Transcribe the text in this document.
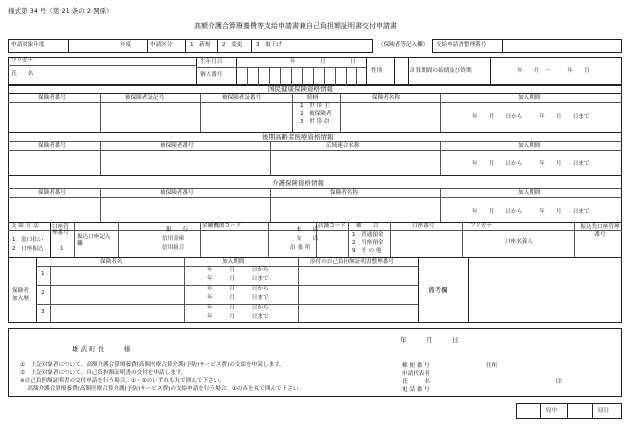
様式第 34 号（第 21 条の 2 関係）
高額介護合算療養費等支給申請書兼自己負担額証明書交付申請書
申請対象年度	年度	申請区分	1　新規 2　変更 3　取下げ	（保険者等記入欄） 支給申請書整理番号
フリガナ
氏　　名
生年月日	年	月	日
個人番号
性別	計算期間の始期及び終期	年　　月　〜　　　年　　月
国民健康保険資格情報
保険者番号	被保険者証記号	被保険者証番号	続柄	保険者名称	加入期間
1　世 帯 主
2　被保険者
3　世 帯 員
年　　月　　日から　　　年　　月　　日まで
後期高齢者医療資格情報
保険者番号	被保険者番号	広域連合名称	加入期間
年　　月　　日から　　　年　　月　　日まで
介護保険資格情報
保険者番号	被保険者番号	保険者名称	加入期間
年　　月　　日から　　　年　　月　　日まで
支 給 方 法
1　窓口払い
2　口座振込
口座管理番号
1
振込口座記入欄
銀　　行
信用金庫
信用組合
金融機関コード
本　　店
支　　店
出 張 所
店舗コード 種　　目
1　普通預金
2　当座預金
9　そ の 他
口座番号	フリガナ
口座名義人
振込先口座管理番号
保険者 加入歴
保険者名	加入期間	添付の自己負担額証明書整理番号
備考欄
1
年　　　月　　　日から
年　　　月　　　日まで
2
年　　　月　　　日から
年　　　月　　　日まで
3
年　　　月　　　日から
年　　　月　　　日まで
年　　　月　　　日
雄 武 町 長　　　様
①　上記対象者について、高額介護合算療養費(高額医療合算介護(予防)サービス費)の支給を申請します。
②　上記対象者について、自己負担額証明書の交付を申請します。
※自己負担額証明書の交付申請を行う場合、①・②のいずれも丸で囲んで下さい。
　 高額介護合算療養費(高額医療合算介護(予防)サービス費)の支給申請を行う場合、①のみを丸で囲んで下さい。
郵 便 番 号	住所
申請代表者
氏　　　名	印
電 話 番 号
収中	収日
